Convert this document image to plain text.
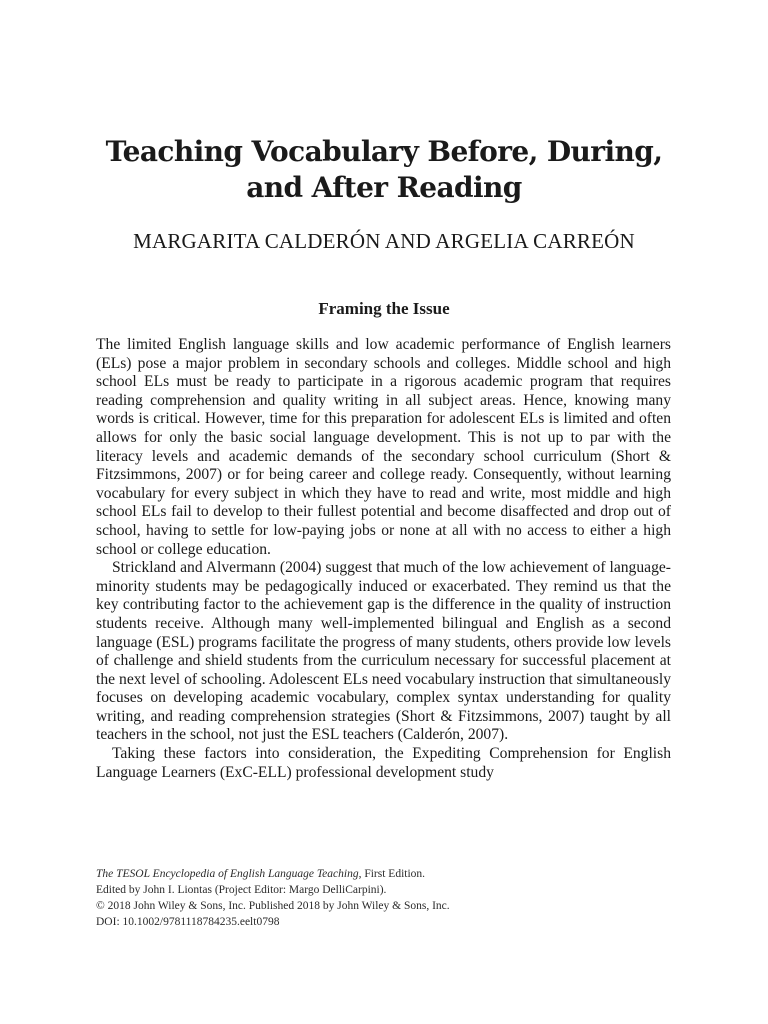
Teaching Vocabulary Before, During,
and After Reading

MARGARITA CALDERÓN AND ARGELIA CARREÓN

Framing the Issue

The limited English language skills and low academic performance of English learners (ELs) pose a major problem in secondary schools and colleges. Middle school and high school ELs must be ready to participate in a rigorous academic program that requires reading comprehension and quality writing in all subject areas. Hence, knowing many words is critical. However, time for this preparation for adolescent ELs is limited and often allows for only the basic social language development. This is not up to par with the literacy levels and academic demands of the secondary school curriculum (Short & Fitzsimmons, 2007) or for being career and college ready. Consequently, without learning vocabulary for every subject in which they have to read and write, most middle and high school ELs fail to develop to their fullest potential and become disaffected and drop out of school, having to settle for low-paying jobs or none at all with no access to either a high school or college education.

Strickland and Alvermann (2004) suggest that much of the low achievement of language-minority students may be pedagogically induced or exacerbated. They remind us that the key contributing factor to the achievement gap is the difference in the quality of instruction students receive. Although many well-implemented bilingual and English as a second language (ESL) programs facilitate the progress of many students, others provide low levels of challenge and shield students from the curriculum necessary for successful placement at the next level of schooling. Adolescent ELs need vocabulary instruction that simultaneously focuses on developing academic vocabulary, complex syntax understanding for quality writing, and reading comprehension strategies (Short & Fitzsimmons, 2007) taught by all teachers in the school, not just the ESL teachers (Calderón, 2007).

Taking these factors into consideration, the Expediting Comprehension for English Language Learners (ExC-ELL) professional development study

The TESOL Encyclopedia of English Language Teaching, First Edition.
Edited by John I. Liontas (Project Editor: Margo DelliCarpini).
© 2018 John Wiley & Sons, Inc. Published 2018 by John Wiley & Sons, Inc.
DOI: 10.1002/9781118784235.eelt0798
